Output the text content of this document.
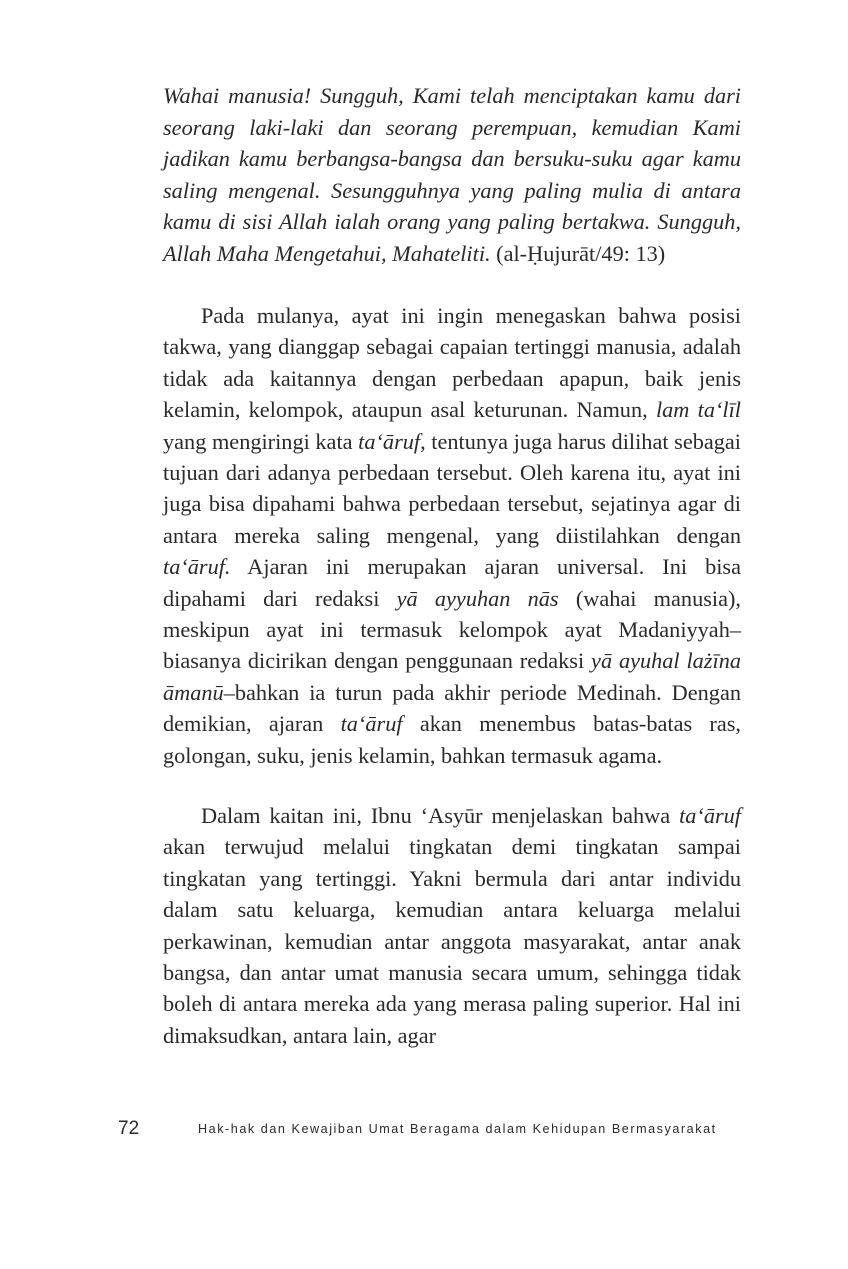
Wahai manusia! Sungguh, Kami telah menciptakan kamu dari seorang laki-laki dan seorang perempuan, kemudian Kami jadikan kamu berbangsa-bangsa dan bersuku-suku agar kamu saling mengenal. Sesungguhnya yang paling mulia di antara kamu di sisi Allah ialah orang yang paling bertakwa. Sungguh, Allah Maha Mengetahui, Mahateliti. (al-Ḥujurāt/49: 13)

Pada mulanya, ayat ini ingin menegaskan bahwa posisi takwa, yang dianggap sebagai capaian tertinggi manusia, adalah tidak ada kaitannya dengan perbedaan apapun, baik jenis kelamin, kelompok, ataupun asal keturunan. Namun, lam ta‘līl yang mengiringi kata ta‘āruf, tentunya juga harus dilihat sebagai tujuan dari adanya perbedaan tersebut. Oleh karena itu, ayat ini juga bisa dipahami bahwa perbedaan tersebut, sejatinya agar di antara mereka saling mengenal, yang diistilahkan dengan ta‘āruf. Ajaran ini merupakan ajaran universal. Ini bisa dipahami dari redaksi yā ayyuhan nās (wahai manusia), meskipun ayat ini termasuk kelompok ayat Madaniyyah–biasanya dicirikan dengan penggunaan redaksi yā ayuhal lażīna āmanū–bahkan ia turun pada akhir periode Medinah. Dengan demikian, ajaran ta‘āruf akan menembus batas-batas ras, golongan, suku, jenis kelamin, bahkan termasuk agama.

Dalam kaitan ini, Ibnu ‘Asyūr menjelaskan bahwa ta‘āruf akan terwujud melalui tingkatan demi tingkatan sampai tingkatan yang tertinggi. Yakni bermula dari antar individu dalam satu keluarga, kemudian antara keluarga melalui perkawinan, kemudian antar anggota masyarakat, antar anak bangsa, dan antar umat manusia secara umum, sehingga tidak boleh di antara mereka ada yang merasa paling superior. Hal ini dimaksudkan, antara lain, agar

72	Hak-hak dan Kewajiban Umat Beragama dalam Kehidupan Bermasyarakat
